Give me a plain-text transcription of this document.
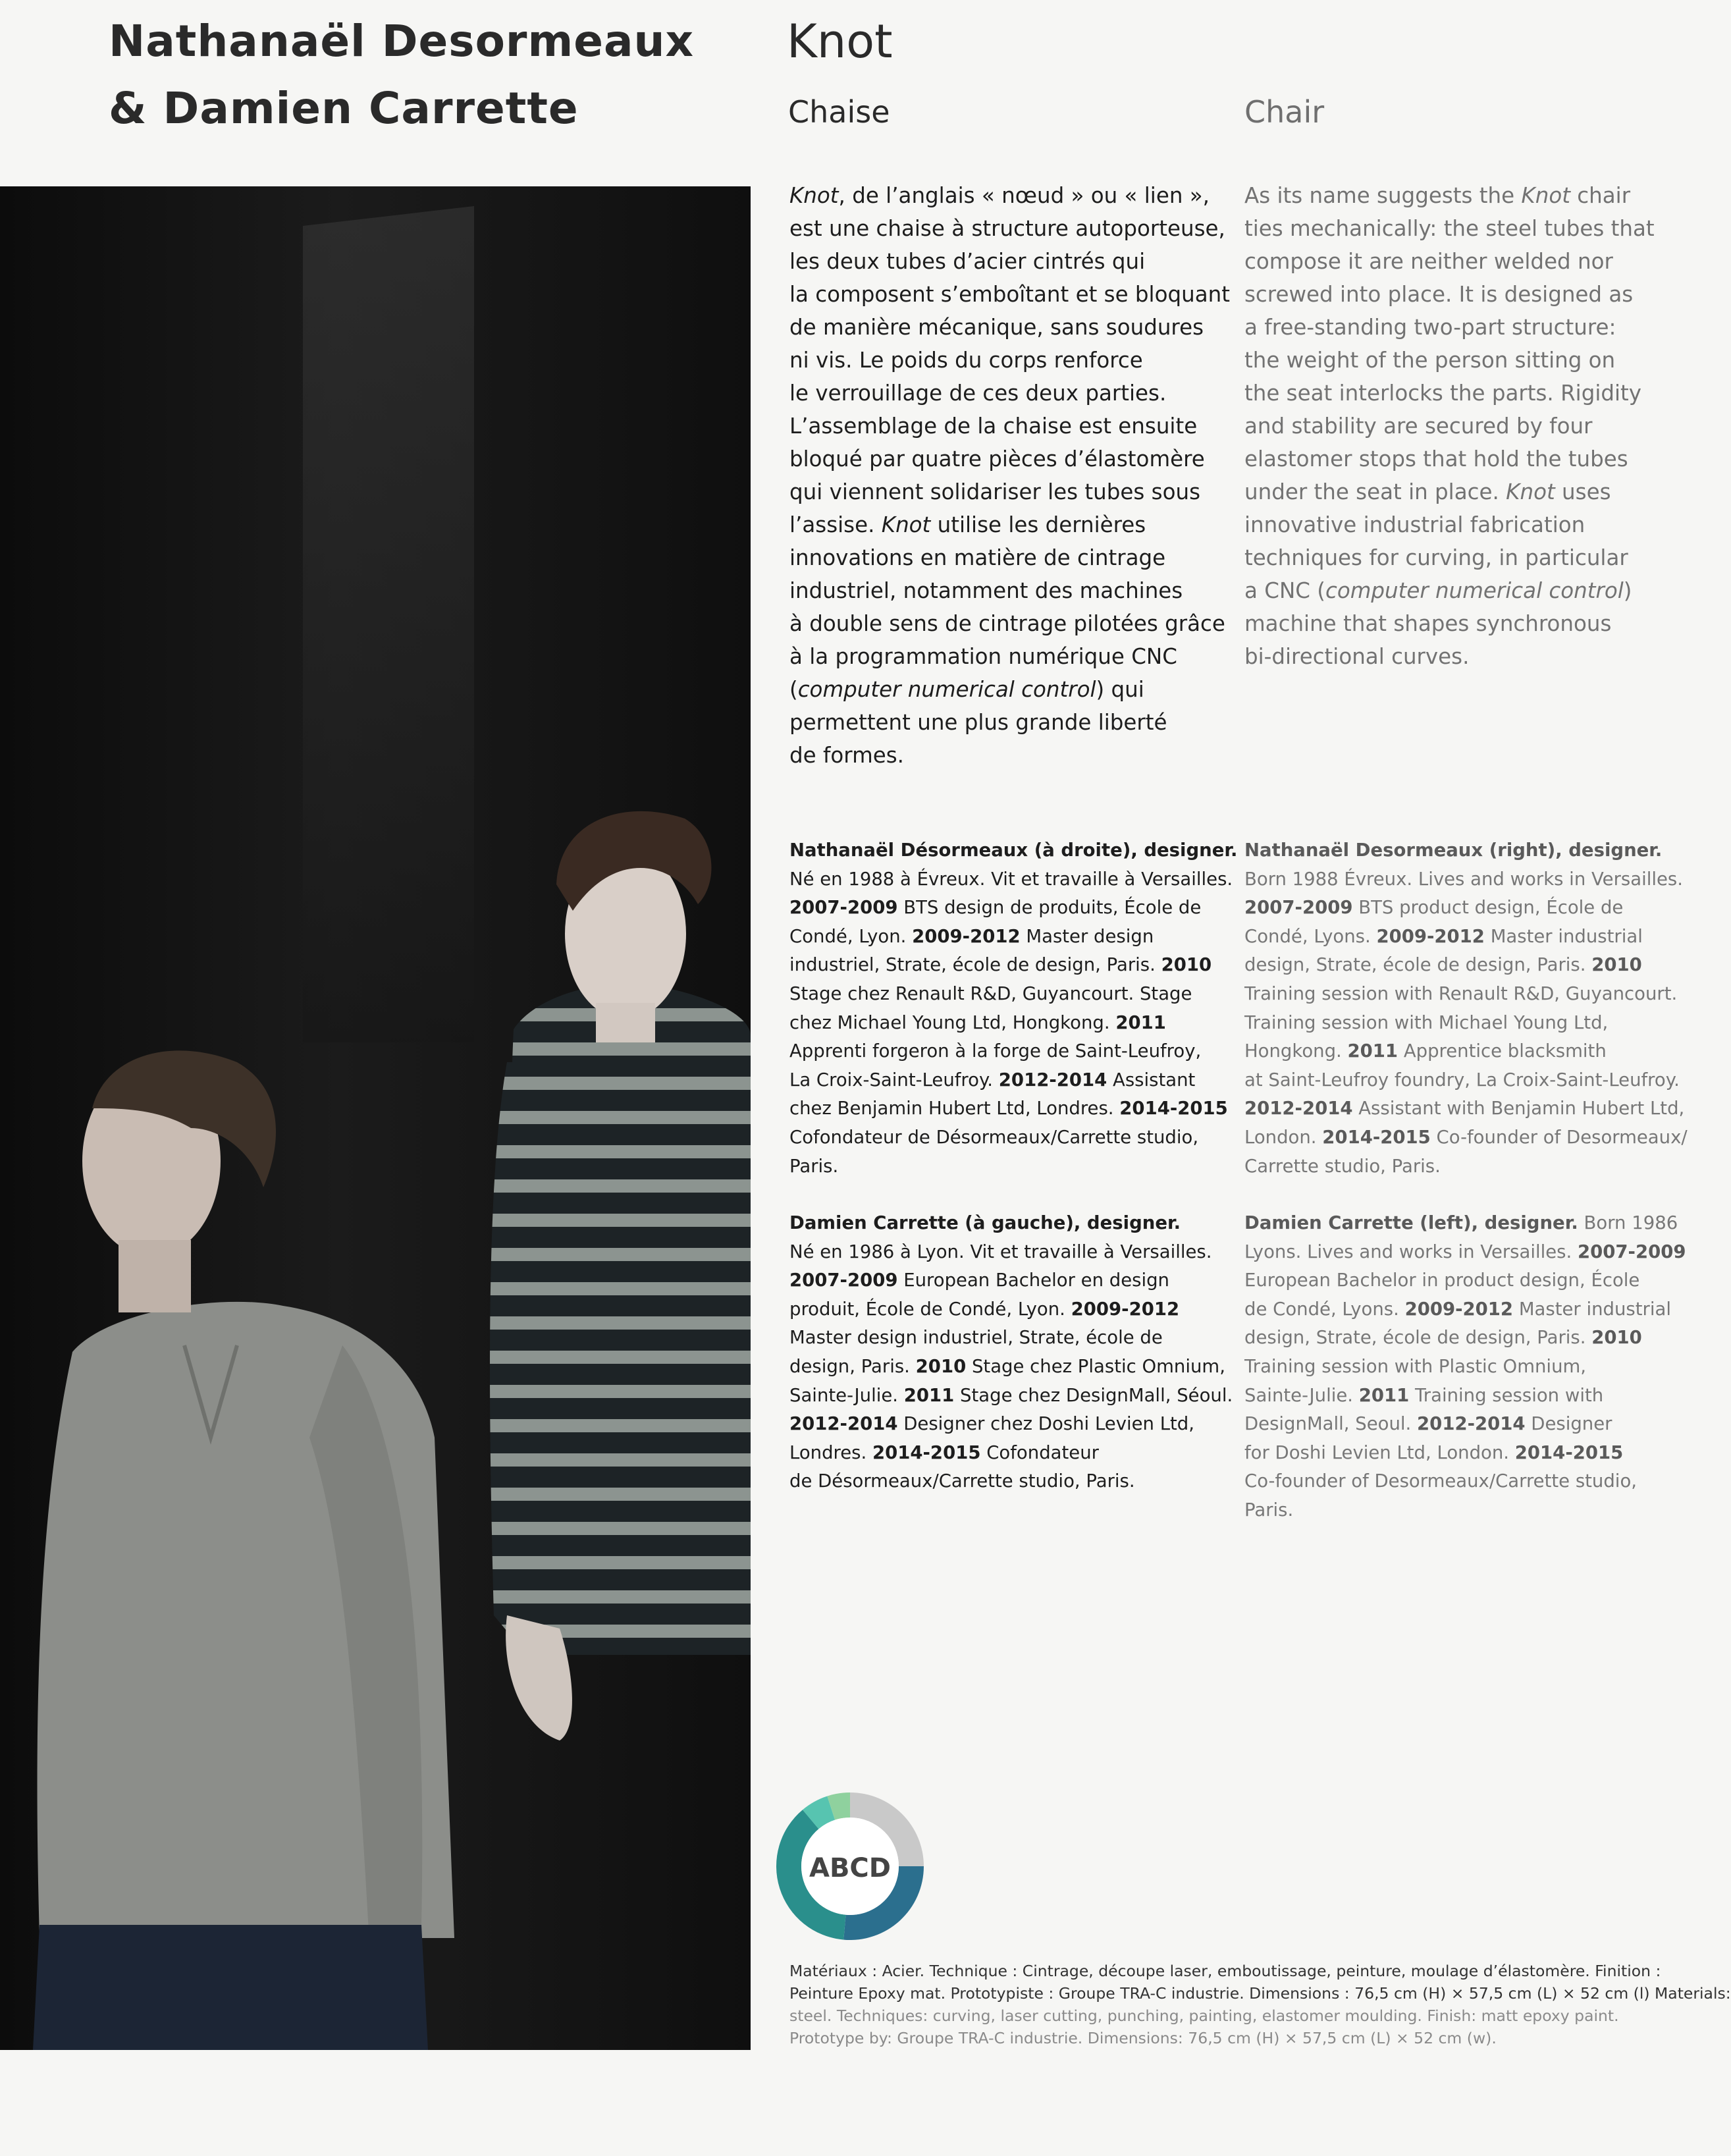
Nathanaël Desormeaux
& Damien Carrette
Knot
Chaise	Chair
Knot, de l’anglais « nœud » ou « lien »,
est une chaise à structure autoporteuse,
les deux tubes d’acier cintrés qui
la composent s’emboîtant et se bloquant
de manière mécanique, sans soudures
ni vis. Le poids du corps renforce
le verrouillage de ces deux parties.
L’assemblage de la chaise est ensuite
bloqué par quatre pièces d’élastomère
qui viennent solidariser les tubes sous
l’assise. Knot utilise les dernières
innovations en matière de cintrage
industriel, notamment des machines
à double sens de cintrage pilotées grâce
à la programmation numérique CNC
(computer numerical control) qui
permettent une plus grande liberté
de formes.
As its name suggests the Knot chair
ties mechanically: the steel tubes that
compose it are neither welded nor
screwed into place. It is designed as
a free-standing two-part structure:
the weight of the person sitting on
the seat interlocks the parts. Rigidity
and stability are secured by four
elastomer stops that hold the tubes
under the seat in place. Knot uses
innovative industrial fabrication
techniques for curving, in particular
a CNC (computer numerical control)
machine that shapes synchronous
bi-directional curves.
Nathanaël Désormeaux (à droite), designer.
Né en 1988 à Évreux. Vit et travaille à Versailles.
2007-2009 BTS design de produits, École de
Condé, Lyon. 2009-2012 Master design
industriel, Strate, école de design, Paris. 2010
Stage chez Renault R&D, Guyancourt. Stage
chez Michael Young Ltd, Hongkong. 2011
Apprenti forgeron à la forge de Saint-Leufroy,
La Croix-Saint-Leufroy. 2012-2014 Assistant
chez Benjamin Hubert Ltd, Londres. 2014-2015
Cofondateur de Désormeaux/Carrette studio,
Paris.
Nathanaël Desormeaux (right), designer.
Born 1988 Évreux. Lives and works in Versailles.
2007-2009 BTS product design, École de
Condé, Lyons. 2009-2012 Master industrial
design, Strate, école de design, Paris. 2010
Training session with Renault R&D, Guyancourt.
Training session with Michael Young Ltd,
Hongkong. 2011 Apprentice blacksmith
at Saint-Leufroy foundry, La Croix-Saint-Leufroy.
2012-2014 Assistant with Benjamin Hubert Ltd,
London. 2014-2015 Co-founder of Desormeaux/
Carrette studio, Paris.
Damien Carrette (à gauche), designer.
Né en 1986 à Lyon. Vit et travaille à Versailles.
2007-2009 European Bachelor en design
produit, École de Condé, Lyon. 2009-2012
Master design industriel, Strate, école de
design, Paris. 2010 Stage chez Plastic Omnium,
Sainte-Julie. 2011 Stage chez DesignMall, Séoul.
2012-2014 Designer chez Doshi Levien Ltd,
Londres. 2014-2015 Cofondateur
de Désormeaux/Carrette studio, Paris.
Damien Carrette (left), designer. Born 1986
Lyons. Lives and works in Versailles. 2007-2009
European Bachelor in product design, École
de Condé, Lyons. 2009-2012 Master industrial
design, Strate, école de design, Paris. 2010
Training session with Plastic Omnium,
Sainte-Julie. 2011 Training session with
DesignMall, Seoul. 2012-2014 Designer
for Doshi Levien Ltd, London. 2014-2015
Co-founder of Desormeaux/Carrette studio,
Paris.
ABCD
Matériaux : Acier. Technique : Cintrage, découpe laser, emboutissage, peinture, moulage d’élastomère. Finition :
Peinture Epoxy mat. Prototypiste : Groupe TRA-C industrie. Dimensions : 76,5 cm (H) × 57,5 cm (L) × 52 cm (l) Materials:
steel. Techniques: curving, laser cutting, punching, painting, elastomer moulding. Finish: matt epoxy paint.
Prototype by: Groupe TRA-C industrie. Dimensions: 76,5 cm (H) × 57,5 cm (L) × 52 cm (w).
